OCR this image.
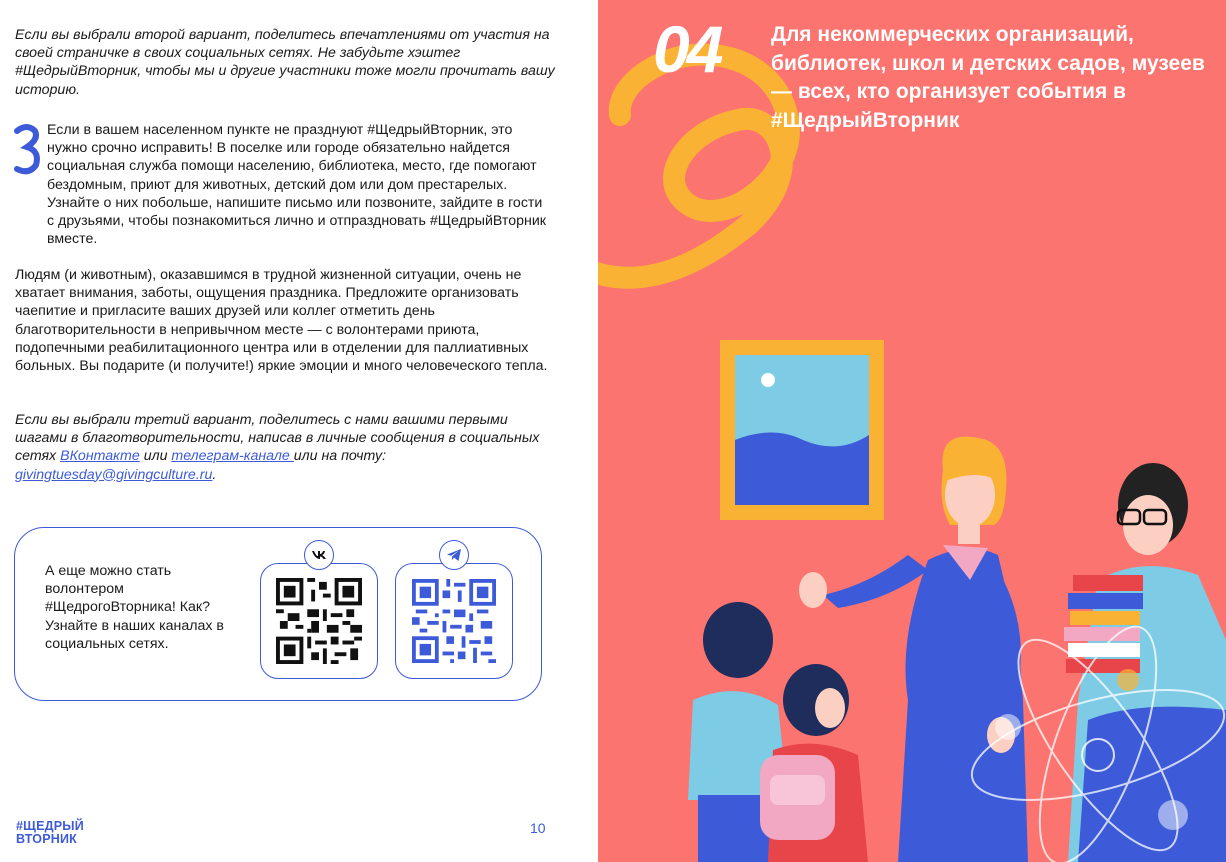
Если вы выбрали второй вариант, поделитесь впечатлениями от участия на своей страничке в своих социальных сетях. Не забудьте хэштег #ЩедрыйВторник, чтобы мы и другие участники тоже могли прочитать вашу историю.

Если в вашем населенном пункте не празднуют #ЩедрыйВторник, это нужно срочно исправить! В поселке или городе обязательно найдется социальная служба помощи населению, библиотека, место, где помогают бездомным, приют для животных, детский дом или дом престарелых. Узнайте о них побольше, напишите письмо или позвоните, зайдите в гости с друзьями, чтобы познакомиться лично и отпраздновать #ЩедрыйВторник вместе.

Людям (и животным), оказавшимся в трудной жизненной ситуации, очень не хватает внимания, заботы, ощущения праздника. Предложите организовать чаепитие и пригласите ваших друзей или коллег отметить день благотворительности в непривычном месте — с волонтерами приюта, подопечными реабилитационного центра или в отделении для паллиативных больных. Вы подарите (и получите!) яркие эмоции и много человеческого тепла.

Если вы выбрали третий вариант, поделитесь с нами вашими первыми шагами в благотворительности, написав в личные сообщения в социальных сетях ВКонтакте или телеграм-канале или на почту: givingtuesday@givingculture.ru.

А еще можно стать волонтером #ЩедрогоВторника! Как? Узнайте в наших каналах в социальных сетях.

#ЩЕДРЫЙ
ВТОРНИК
10
04 Для некоммерческих организаций, библиотек, школ и детских садов, музеев — всех, кто организует события в #ЩедрыйВторник
